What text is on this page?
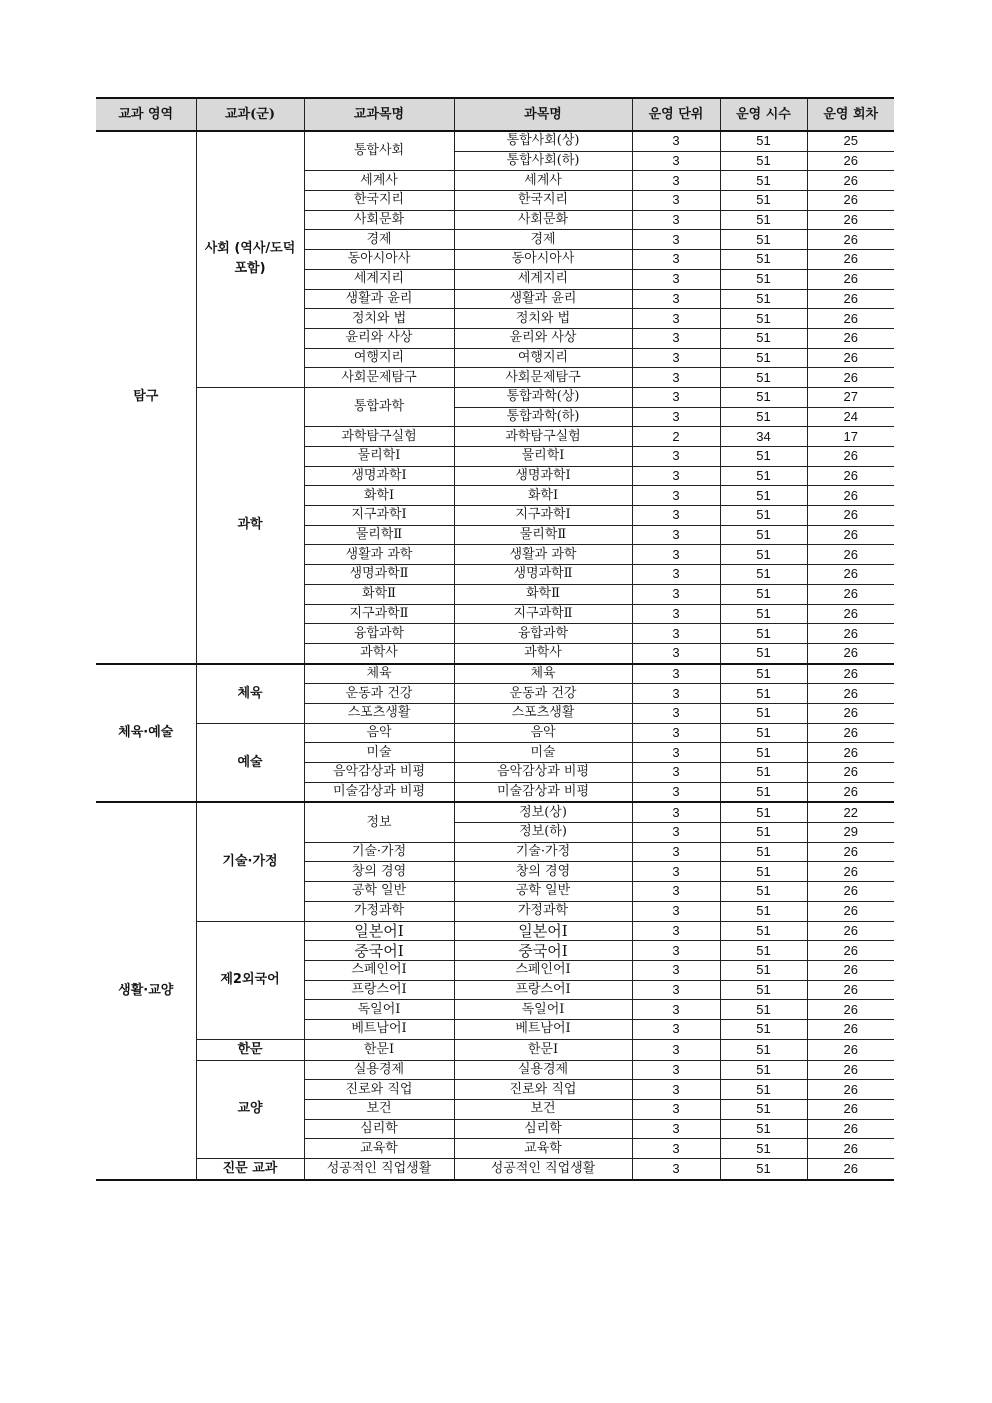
교과 영역	교과(군)	교과목명	과목명	운영 단위	운영 시수	운영 회차
탐구	사회 (역사/도덕 포함)	통합사회	통합사회(상)	3	51	25
			통합사회(하)	3	51	26
		세계사	세계사	3	51	26
		한국지리	한국지리	3	51	26
		사회문화	사회문화	3	51	26
		경제	경제	3	51	26
		동아시아사	동아시아사	3	51	26
		세계지리	세계지리	3	51	26
		생활과 윤리	생활과 윤리	3	51	26
		정치와 법	정치와 법	3	51	26
		윤리와 사상	윤리와 사상	3	51	26
		여행지리	여행지리	3	51	26
		사회문제탐구	사회문제탐구	3	51	26
	과학	통합과학	통합과학(상)	3	51	27
			통합과학(하)	3	51	24
		과학탐구실험	과학탐구실험	2	34	17
		물리학Ⅰ	물리학Ⅰ	3	51	26
		생명과학Ⅰ	생명과학Ⅰ	3	51	26
		화학Ⅰ	화학Ⅰ	3	51	26
		지구과학Ⅰ	지구과학Ⅰ	3	51	26
		물리학Ⅱ	물리학Ⅱ	3	51	26
		생활과 과학	생활과 과학	3	51	26
		생명과학Ⅱ	생명과학Ⅱ	3	51	26
		화학Ⅱ	화학Ⅱ	3	51	26
		지구과학Ⅱ	지구과학Ⅱ	3	51	26
		융합과학	융합과학	3	51	26
		과학사	과학사	3	51	26
체육·예술	체육	체육	체육	3	51	26
		운동과 건강	운동과 건강	3	51	26
		스포츠생활	스포츠생활	3	51	26
	예술	음악	음악	3	51	26
		미술	미술	3	51	26
		음악감상과 비평	음악감상과 비평	3	51	26
		미술감상과 비평	미술감상과 비평	3	51	26
생활·교양	기술·가정	정보	정보(상)	3	51	22
			정보(하)	3	51	29
		기술·가정	기술·가정	3	51	26
		창의 경영	창의 경영	3	51	26
		공학 일반	공학 일반	3	51	26
		가정과학	가정과학	3	51	26
	제2외국어	일본어Ⅰ	일본어Ⅰ	3	51	26
		중국어Ⅰ	중국어Ⅰ	3	51	26
		스페인어Ⅰ	스페인어Ⅰ	3	51	26
		프랑스어Ⅰ	프랑스어Ⅰ	3	51	26
		독일어Ⅰ	독일어Ⅰ	3	51	26
		베트남어Ⅰ	베트남어Ⅰ	3	51	26
	한문	한문Ⅰ	한문Ⅰ	3	51	26
	교양	실용경제	실용경제	3	51	26
		진로와 직업	진로와 직업	3	51	26
		보건	보건	3	51	26
		심리학	심리학	3	51	26
		교육학	교육학	3	51	26
	진문 교과	성공적인 직업생활	성공적인 직업생활	3	51	26
